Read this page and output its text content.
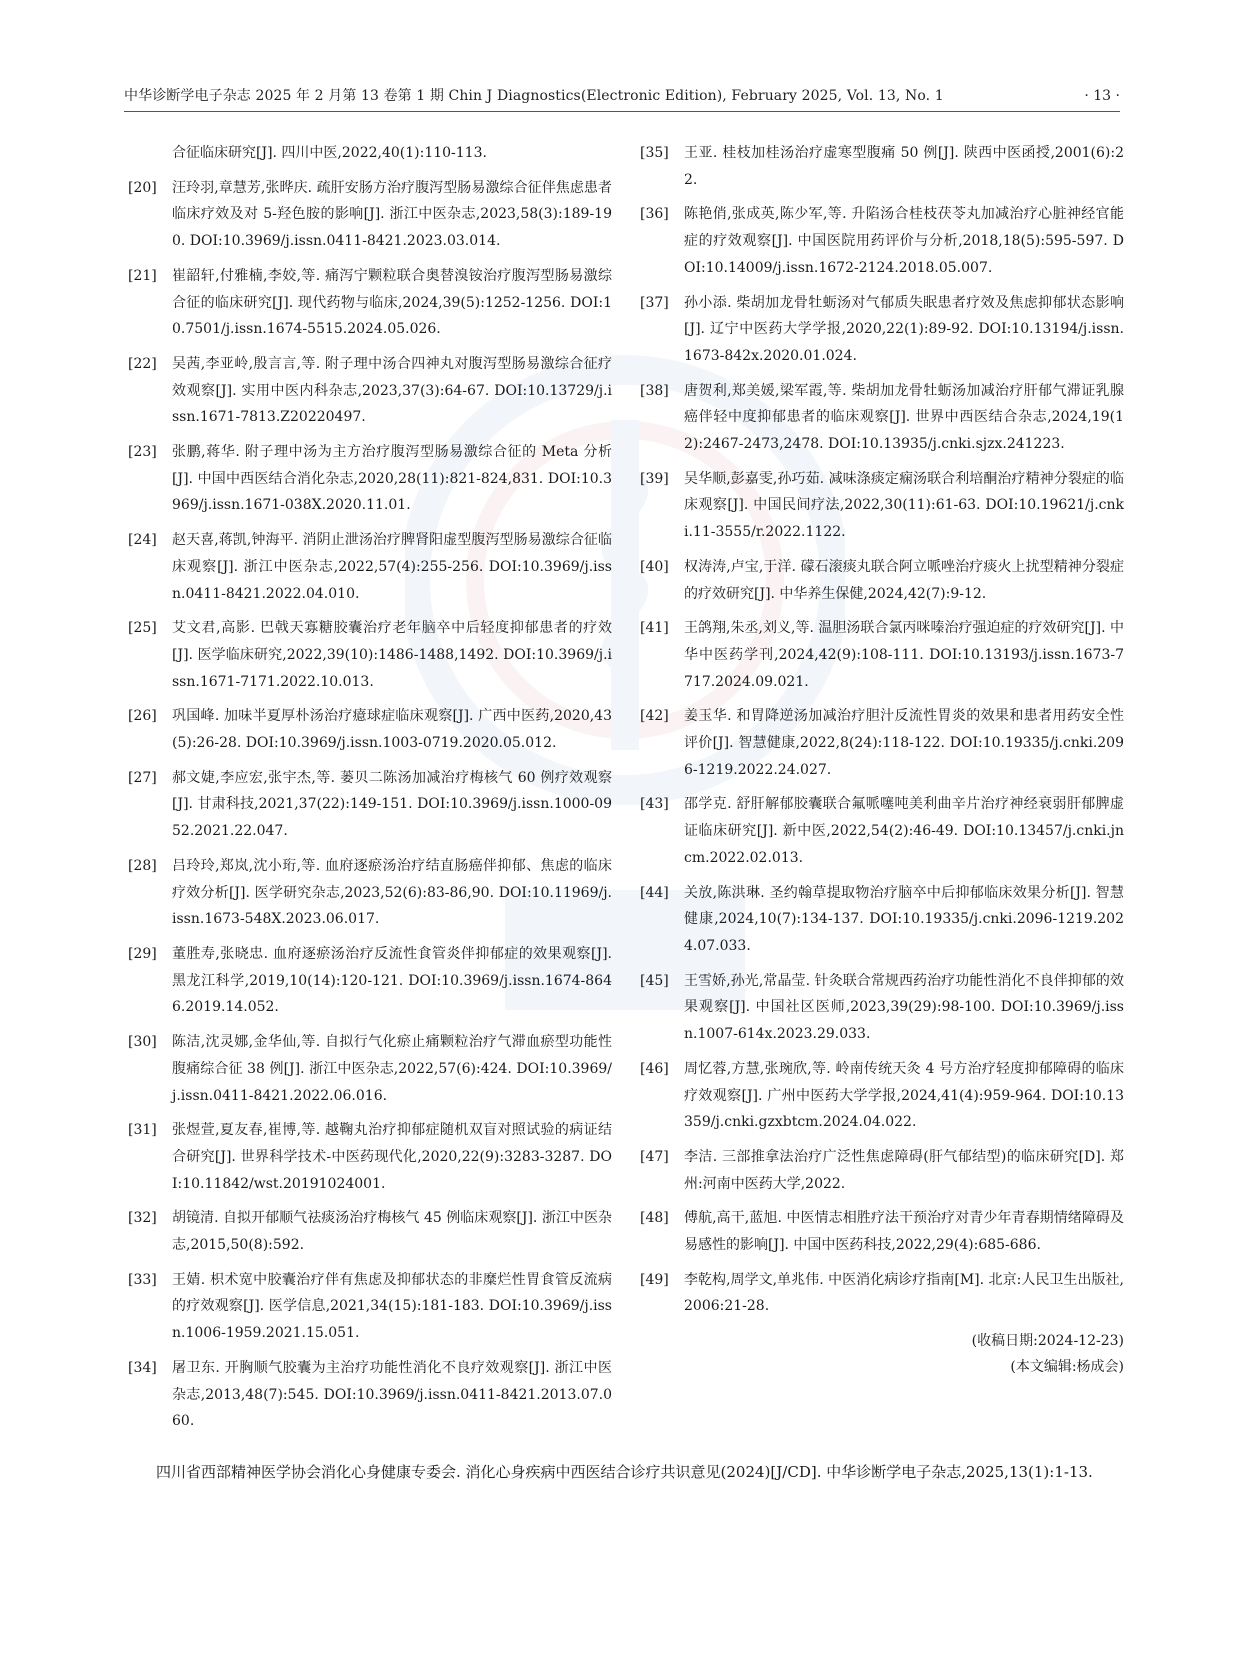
中华诊断学电子杂志 2025 年 2 月第 13 卷第 1 期 Chin J Diagnostics(Electronic Edition), February 2025, Vol. 13, No. 1	· 13 ·
合征临床研究[J]. 四川中医,2022,40(1):110-113.
[20] 汪玲羽,章慧芳,张晔庆. 疏肝安肠方治疗腹泻型肠易激综合征伴焦虑患者临床疗效及对 5-羟色胺的影响[J]. 浙江中医杂志,2023,58(3):189-190. DOI:10.3969/j.issn.0411-8421.2023.03.014.
[21] 崔韶轩,付雅楠,李姣,等. 痛泻宁颗粒联合奥替溴铵治疗腹泻型肠易激综合征的临床研究[J]. 现代药物与临床,2024,39(5):1252-1256. DOI:10.7501/j.issn.1674-5515.2024.05.026.
[22] 吴茜,李亚岭,殷言言,等. 附子理中汤合四神丸对腹泻型肠易激综合征疗效观察[J]. 实用中医内科杂志,2023,37(3):64-67. DOI:10.13729/j.issn.1671-7813.Z20220497.
[23] 张鹏,蒋华. 附子理中汤为主方治疗腹泻型肠易激综合征的 Meta 分析[J]. 中国中西医结合消化杂志,2020,28(11):821-824,831. DOI:10.3969/j.issn.1671-038X.2020.11.01.
[24] 赵天喜,蒋凯,钟海平. 消阴止泄汤治疗脾肾阳虚型腹泻型肠易激综合征临床观察[J]. 浙江中医杂志,2022,57(4):255-256. DOI:10.3969/j.issn.0411-8421.2022.04.010.
[25] 艾文君,高影. 巴戟天寡糖胶囊治疗老年脑卒中后轻度抑郁患者的疗效[J]. 医学临床研究,2022,39(10):1486-1488,1492. DOI:10.3969/j.issn.1671-7171.2022.10.013.
[26] 巩国峰. 加味半夏厚朴汤治疗癔球症临床观察[J]. 广西中医药,2020,43(5):26-28. DOI:10.3969/j.issn.1003-0719.2020.05.012.
[27] 郝文婕,李应宏,张宇杰,等. 蒌贝二陈汤加减治疗梅核气 60 例疗效观察[J]. 甘肃科技,2021,37(22):149-151. DOI:10.3969/j.issn.1000-0952.2021.22.047.
[28] 吕玲玲,郑岚,沈小珩,等. 血府逐瘀汤治疗结直肠癌伴抑郁、焦虑的临床疗效分析[J]. 医学研究杂志,2023,52(6):83-86,90. DOI:10.11969/j.issn.1673-548X.2023.06.017.
[29] 董胜寿,张晓忠. 血府逐瘀汤治疗反流性食管炎伴抑郁症的效果观察[J]. 黑龙江科学,2019,10(14):120-121. DOI:10.3969/j.issn.1674-8646.2019.14.052.
[30] 陈洁,沈灵娜,金华仙,等. 自拟行气化瘀止痛颗粒治疗气滞血瘀型功能性腹痛综合征 38 例[J]. 浙江中医杂志,2022,57(6):424. DOI:10.3969/j.issn.0411-8421.2022.06.016.
[31] 张煜萱,夏友春,崔博,等. 越鞠丸治疗抑郁症随机双盲对照试验的病证结合研究[J]. 世界科学技术-中医药现代化,2020,22(9):3283-3287. DOI:10.11842/wst.20191024001.
[32] 胡镜清. 自拟开郁顺气祛痰汤治疗梅核气 45 例临床观察[J]. 浙江中医杂志,2015,50(8):592.
[33] 王婧. 枳术宽中胶囊治疗伴有焦虑及抑郁状态的非糜烂性胃食管反流病的疗效观察[J]. 医学信息,2021,34(15):181-183. DOI:10.3969/j.issn.1006-1959.2021.15.051.
[34] 屠卫东. 开胸顺气胶囊为主治疗功能性消化不良疗效观察[J]. 浙江中医杂志,2013,48(7):545. DOI:10.3969/j.issn.0411-8421.2013.07.060.
[35] 王亚. 桂枝加桂汤治疗虚寒型腹痛 50 例[J]. 陕西中医函授,2001(6):22.
[36] 陈艳俏,张成英,陈少军,等. 升陷汤合桂枝茯苓丸加减治疗心脏神经官能症的疗效观察[J]. 中国医院用药评价与分析,2018,18(5):595-597. DOI:10.14009/j.issn.1672-2124.2018.05.007.
[37] 孙小添. 柴胡加龙骨牡蛎汤对气郁质失眠患者疗效及焦虑抑郁状态影响[J]. 辽宁中医药大学学报,2020,22(1):89-92. DOI:10.13194/j.issn.1673-842x.2020.01.024.
[38] 唐贺利,郑美媛,梁军霞,等. 柴胡加龙骨牡蛎汤加减治疗肝郁气滞证乳腺癌伴轻中度抑郁患者的临床观察[J]. 世界中西医结合杂志,2024,19(12):2467-2473,2478. DOI:10.13935/j.cnki.sjzx.241223.
[39] 吴华顺,彭嘉雯,孙巧茹. 减味涤痰定痫汤联合利培酮治疗精神分裂症的临床观察[J]. 中国民间疗法,2022,30(11):61-63. DOI:10.19621/j.cnki.11-3555/r.2022.1122.
[40] 权涛涛,卢宝,于洋. 礞石滚痰丸联合阿立哌唑治疗痰火上扰型精神分裂症的疗效研究[J]. 中华养生保健,2024,42(7):9-12.
[41] 王鸽翔,朱丞,刘义,等. 温胆汤联合氯丙咪嗪治疗强迫症的疗效研究[J]. 中华中医药学刊,2024,42(9):108-111. DOI:10.13193/j.issn.1673-7717.2024.09.021.
[42] 姜玉华. 和胃降逆汤加减治疗胆汁反流性胃炎的效果和患者用药安全性评价[J]. 智慧健康,2022,8(24):118-122. DOI:10.19335/j.cnki.2096-1219.2022.24.027.
[43] 邵学克. 舒肝解郁胶囊联合氟哌噻吨美利曲辛片治疗神经衰弱肝郁脾虚证临床研究[J]. 新中医,2022,54(2):46-49. DOI:10.13457/j.cnki.jncm.2022.02.013.
[44] 关放,陈洪琳. 圣约翰草提取物治疗脑卒中后抑郁临床效果分析[J]. 智慧健康,2024,10(7):134-137. DOI:10.19335/j.cnki.2096-1219.2024.07.033.
[45] 王雪娇,孙光,常晶莹. 针灸联合常规西药治疗功能性消化不良伴抑郁的效果观察[J]. 中国社区医师,2023,39(29):98-100. DOI:10.3969/j.issn.1007-614x.2023.29.033.
[46] 周忆蓉,方慧,张琬欣,等. 岭南传统天灸 4 号方治疗轻度抑郁障碍的临床疗效观察[J]. 广州中医药大学学报,2024,41(4):959-964. DOI:10.13359/j.cnki.gzxbtcm.2024.04.022.
[47] 李洁. 三部推拿法治疗广泛性焦虑障碍(肝气郁结型)的临床研究[D]. 郑州:河南中医药大学,2022.
[48] 傅航,高干,蓝旭. 中医情志相胜疗法干预治疗对青少年青春期情绪障碍及易感性的影响[J]. 中国中医药科技,2022,29(4):685-686.
[49] 李乾构,周学文,单兆伟. 中医消化病诊疗指南[M]. 北京:人民卫生出版社,2006:21-28.
(收稿日期:2024-12-23)
(本文编辑:杨成会)
四川省西部精神医学协会消化心身健康专委会. 消化心身疾病中西医结合诊疗共识意见(2024)[J/CD]. 中华诊断学电子杂志,2025,13(1):1-13.
